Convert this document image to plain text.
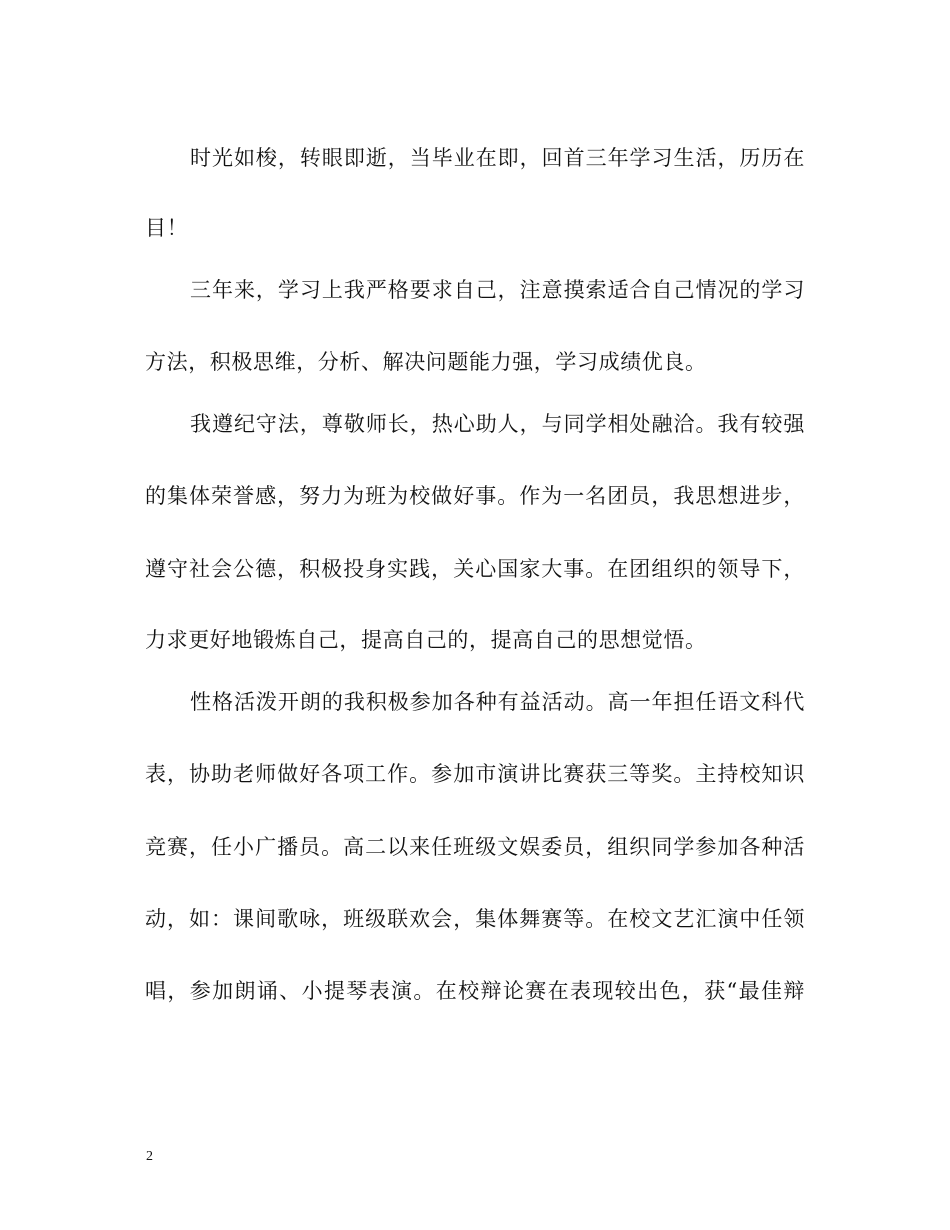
时光如梭，转眼即逝，当毕业在即，回首三年学习生活，历历在
目！
三年来，学习上我严格要求自己，注意摸索适合自己情况的学习
方法，积极思维，分析、解决问题能力强，学习成绩优良。
我遵纪守法，尊敬师长，热心助人，与同学相处融洽。我有较强
的集体荣誉感，努力为班为校做好事。作为一名团员，我思想进步，
遵守社会公德，积极投身实践，关心国家大事。在团组织的领导下，
力求更好地锻炼自己，提高自己的，提高自己的思想觉悟。
性格活泼开朗的我积极参加各种有益活动。高一年担任语文科代
表，协助老师做好各项工作。参加市演讲比赛获三等奖。主持校知识
竞赛，任小广播员。高二以来任班级文娱委员，组织同学参加各种活
动，如：课间歌咏，班级联欢会，集体舞赛等。在校文艺汇演中任领
唱，参加朗诵、小提琴表演。在校辩论赛在表现较出色，获“最佳辩
2
